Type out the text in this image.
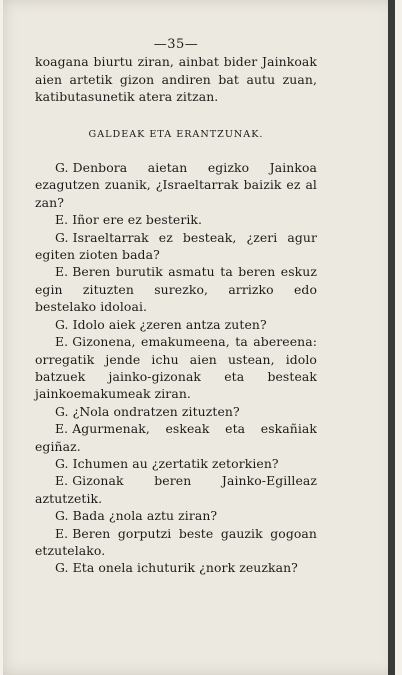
—35—

koagana biurtu ziran, ainbat bider Jainkoak aien artetik gizon andiren bat autu zuan, katibutasunetik atera zitzan.

GALDEAK ETA ERANTZUNAK.

G. Denbora aietan egizko Jainkoa ezagutzen zuanik, ¿Israeltarrak baizik ez al zan?

E. Iñor ere ez besterik.

G. Israeltarrak ez besteak, ¿zeri agur egiten zioten bada?

E. Beren burutik asmatu ta beren eskuz egin zituzten surezko, arrizko edo bestelako idoloai.

G. Idolo aiek ¿zeren antza zuten?

E. Gizonena, emakumeena, ta abereena: orregatik jende ichu aien ustean, idolo batzuek jainko-gizonak eta besteak jainkoemakumeak ziran.

G. ¿Nola ondratzen zituzten?

E. Agurmenak, eskeak eta eskañiak egiñaz.

G. Ichumen au ¿zertatik zetorkien?

E. Gizonak beren Jainko-Egilleaz aztutzetik.

G. Bada ¿nola aztu ziran?

E. Beren gorputzi beste gauzik gogoan etzutelako.

G. Eta onela ichuturik ¿nork zeuzkan?
